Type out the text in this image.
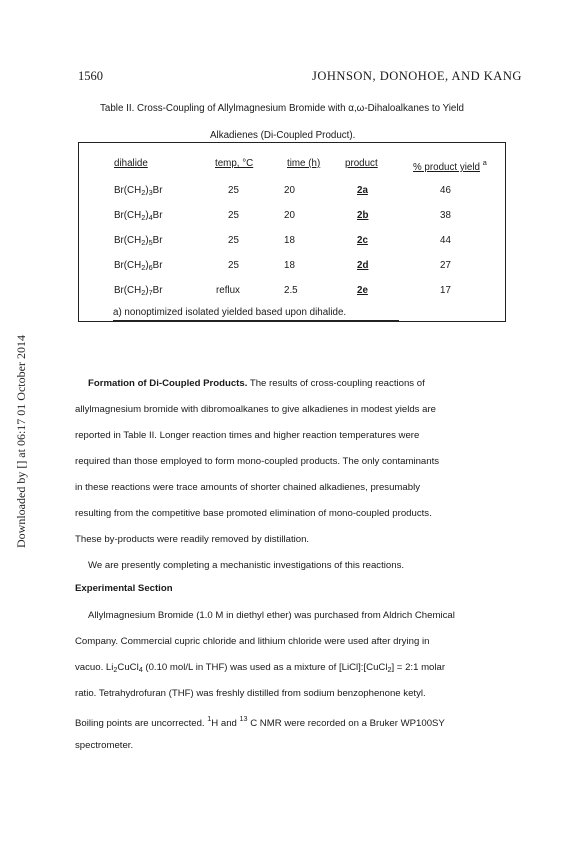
1560	JOHNSON, DONOHOE, AND KANG
Downloaded by [] at 06:17 01 October 2014
Table II. Cross-Coupling of Allylmagnesium Bromide with α,ω-Dihaloalkanes to Yield
Alkadienes (Di-Coupled Product).
dihalide	temp, °C	time (h)	product	% product yield $^a$
$Br(CH_2)_3Br$	25	20	2a	46
$Br(CH_2)_4Br$	25	20	2b	38
$Br(CH_2)_5Br$	25	18	2c	44
$Br(CH_2)_6Br$	25	18	2d	27
$Br(CH_2)_7Br$	reflux	2.5	2e	17
a) nonoptimized isolated yielded based upon dihalide.
Formation of Di-Coupled Products. The results of cross-coupling reactions of
allylmagnesium bromide with dibromoalkanes to give alkadienes in modest yields are
reported in Table II. Longer reaction times and higher reaction temperatures were
required than those employed to form mono-coupled products. The only contaminants
in these reactions were trace amounts of shorter chained alkadienes, presumably
resulting from the competitive base promoted elimination of mono-coupled products.
These by-products were readily removed by distillation.
We are presently completing a mechanistic investigations of this reactions.
Experimental Section
Allylmagnesium Bromide (1.0 M in diethyl ether) was purchased from Aldrich Chemical
Company. Commercial cupric chloride and lithium chloride were used after drying in
vacuo. $Li_2CuCl_4$ (0.10 mol/L in THF) was used as a mixture of [LiCl]:[CuCl$_2$] = 2:1 molar
ratio. Tetrahydrofuran (THF) was freshly distilled from sodium benzophenone ketyl.
Boiling points are uncorrected. $^1$H and $^{13}$ C NMR were recorded on a Bruker WP100SY
spectrometer.
